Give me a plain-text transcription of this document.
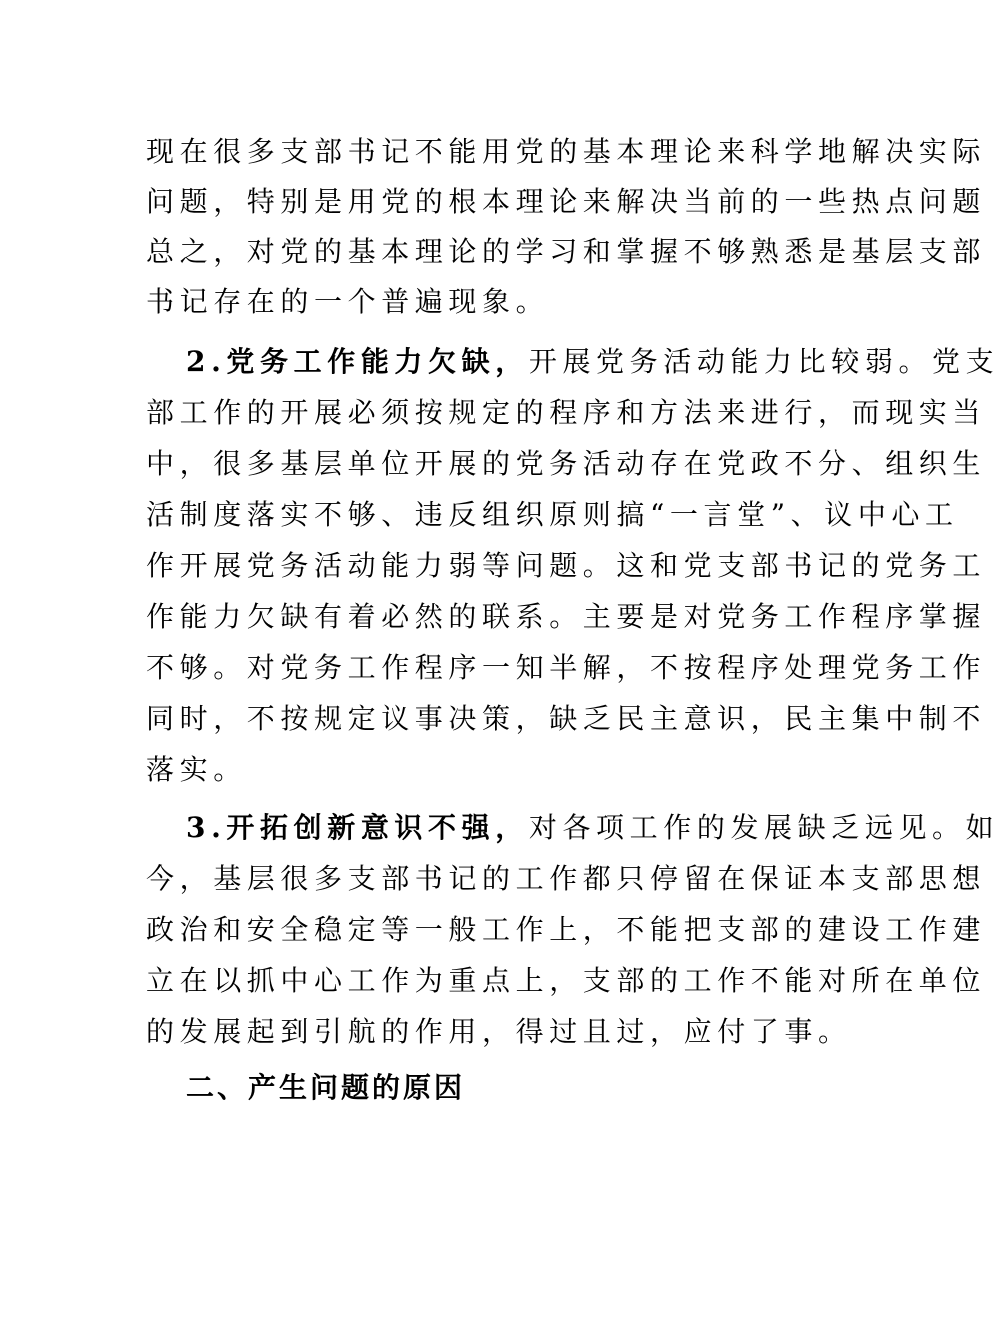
现在很多支部书记不能用党的基本理论来科学地解决实际
问题，特别是用党的根本理论来解决当前的一些热点问题
总之，对党的基本理论的学习和掌握不够熟悉是基层支部
书记存在的一个普遍现象。
2.党务工作能力欠缺，开展党务活动能力比较弱。党支
部工作的开展必须按规定的程序和方法来进行，而现实当
中，很多基层单位开展的党务活动存在党政不分、组织生
活制度落实不够、违反组织原则搞“一言堂”、议中心工
作开展党务活动能力弱等问题。这和党支部书记的党务工
作能力欠缺有着必然的联系。主要是对党务工作程序掌握
不够。对党务工作程序一知半解，不按程序处理党务工作
同时，不按规定议事决策，缺乏民主意识，民主集中制不
落实。
3.开拓创新意识不强，对各项工作的发展缺乏远见。如
今，基层很多支部书记的工作都只停留在保证本支部思想
政治和安全稳定等一般工作上，不能把支部的建设工作建
立在以抓中心工作为重点上，支部的工作不能对所在单位
的发展起到引航的作用，得过且过，应付了事。
二、产生问题的原因
